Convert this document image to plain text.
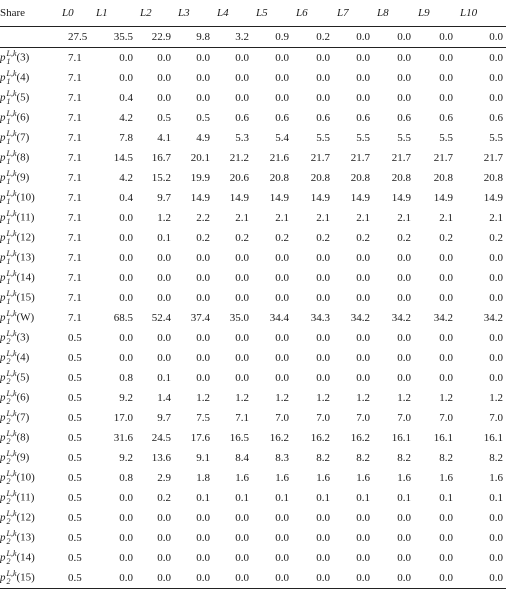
Share	L0	L1	L2	L3	L4	L5	L6	L7	L8	L9	L10
	27.5	35.5	22.9	9.8	3.2	0.9	0.2	0.0	0.0	0.0	0.0
p L,k
1 (3)	7.1	0.0	0.0	0.0	0.0	0.0	0.0	0.0	0.0	0.0	0.0
p L,k
1 (4)	7.1	0.0	0.0	0.0	0.0	0.0	0.0	0.0	0.0	0.0	0.0
p L,k
1 (5)	7.1	0.4	0.0	0.0	0.0	0.0	0.0	0.0	0.0	0.0	0.0
p L,k
1 (6)	7.1	4.2	0.5	0.5	0.6	0.6	0.6	0.6	0.6	0.6	0.6
p L,k
1 (7)	7.1	7.8	4.1	4.9	5.3	5.4	5.5	5.5	5.5	5.5	5.5
p L,k
1 (8)	7.1	14.5	16.7	20.1	21.2	21.6	21.7	21.7	21.7	21.7	21.7
p L,k
1 (9)	7.1	4.2	15.2	19.9	20.6	20.8	20.8	20.8	20.8	20.8	20.8
p L,k
1 (10)	7.1	0.4	9.7	14.9	14.9	14.9	14.9	14.9	14.9	14.9	14.9
p L,k
1 (11)	7.1	0.0	1.2	2.2	2.1	2.1	2.1	2.1	2.1	2.1	2.1
p L,k
1 (12)	7.1	0.0	0.1	0.2	0.2	0.2	0.2	0.2	0.2	0.2	0.2
p L,k
1 (13)	7.1	0.0	0.0	0.0	0.0	0.0	0.0	0.0	0.0	0.0	0.0
p L,k
1 (14)	7.1	0.0	0.0	0.0	0.0	0.0	0.0	0.0	0.0	0.0	0.0
p L,k
1 (15)	7.1	0.0	0.0	0.0	0.0	0.0	0.0	0.0	0.0	0.0	0.0
p L,k
1 (W)	7.1	68.5	52.4	37.4	35.0	34.4	34.3	34.2	34.2	34.2	34.2
p L,k
2 (3)	0.5	0.0	0.0	0.0	0.0	0.0	0.0	0.0	0.0	0.0	0.0
p L,k
2 (4)	0.5	0.0	0.0	0.0	0.0	0.0	0.0	0.0	0.0	0.0	0.0
p L,k
2 (5)	0.5	0.8	0.1	0.0	0.0	0.0	0.0	0.0	0.0	0.0	0.0
p L,k
2 (6)	0.5	9.2	1.4	1.2	1.2	1.2	1.2	1.2	1.2	1.2	1.2
p L,k
2 (7)	0.5	17.0	9.7	7.5	7.1	7.0	7.0	7.0	7.0	7.0	7.0
p L,k
2 (8)	0.5	31.6	24.5	17.6	16.5	16.2	16.2	16.2	16.1	16.1	16.1
p L,k
2 (9)	0.5	9.2	13.6	9.1	8.4	8.3	8.2	8.2	8.2	8.2	8.2
p L,k
2 (10)	0.5	0.8	2.9	1.8	1.6	1.6	1.6	1.6	1.6	1.6	1.6
p L,k
2 (11)	0.5	0.0	0.2	0.1	0.1	0.1	0.1	0.1	0.1	0.1	0.1
p L,k
2 (12)	0.5	0.0	0.0	0.0	0.0	0.0	0.0	0.0	0.0	0.0	0.0
p L,k
2 (13)	0.5	0.0	0.0	0.0	0.0	0.0	0.0	0.0	0.0	0.0	0.0
p L,k
2 (14)	0.5	0.0	0.0	0.0	0.0	0.0	0.0	0.0	0.0	0.0	0.0
p L,k
2 (15)	0.5	0.0	0.0	0.0	0.0	0.0	0.0	0.0	0.0	0.0	0.0
